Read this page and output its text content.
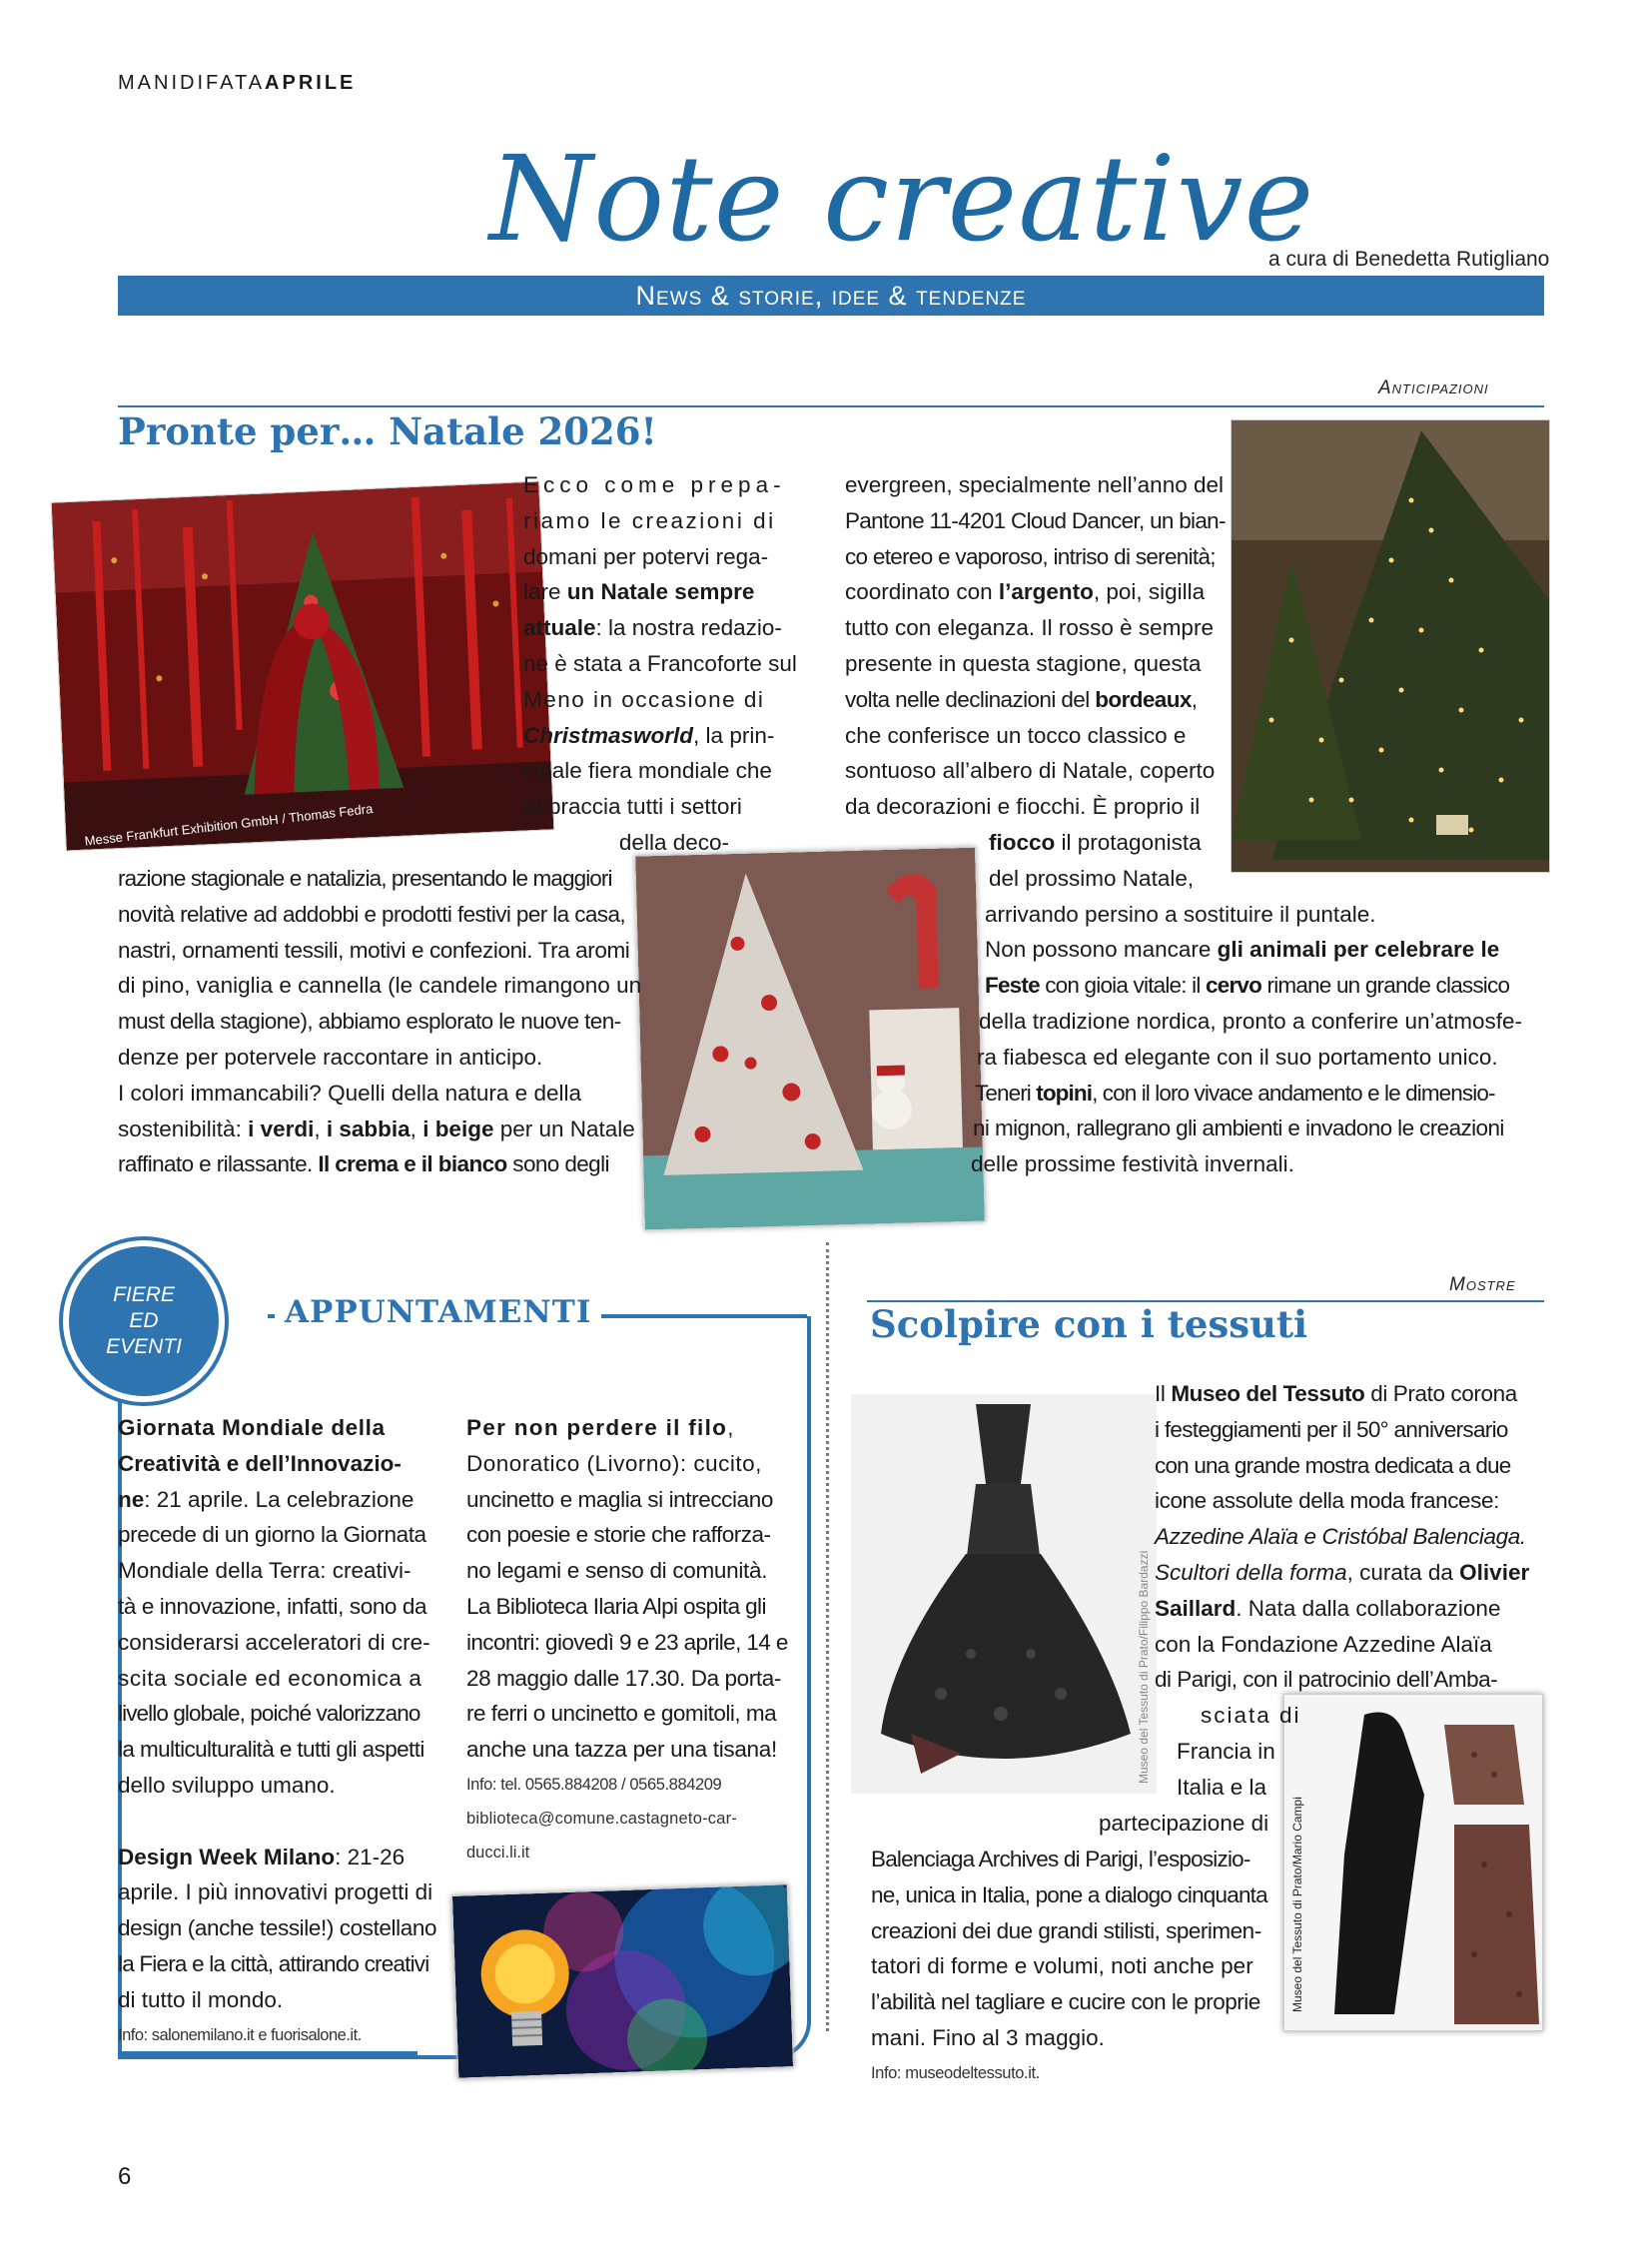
MANIDIFATAAPRILE
Note creative
a cura di Benedetta Rutigliano
News & storie, idee & tendenze
Anticipazioni
Pronte per… Natale 2026!
Messe Frankfurt Exhibition GmbH / Thomas Fedra

Ecco come prepa-

riamo le creazioni di

domani per potervi rega-

lare un Natale sempre

attuale: la nostra redazio-

ne è stata a Francoforte sul

Meno in occasione di

Christmasworld, la prin-

cipale fiera mondiale che

abbraccia tutti i settori

della deco-

razione stagionale e natalizia, presentando le maggiori

novità relative ad addobbi e prodotti festivi per la casa,

nastri, ornamenti tessili, motivi e confezioni. Tra aromi

di pino, vaniglia e cannella (le candele rimangono un

must della stagione), abbiamo esplorato le nuove ten-

denze per potervele raccontare in anticipo.

I colori immancabili? Quelli della natura e della

sostenibilità: i verdi, i sabbia, i beige per un Natale

raffinato e rilassante. Il crema e il bianco sono degli

evergreen, specialmente nell’anno del

Pantone 11-4201 Cloud Dancer, un bian-

co etereo e vaporoso, intriso di serenità;

coordinato con l’argento, poi, sigilla

tutto con eleganza. Il rosso è sempre

presente in questa stagione, questa

volta nelle declinazioni del bordeaux,

che conferisce un tocco classico e

sontuoso all’albero di Natale, coperto

da decorazioni e fiocchi. È proprio il

fiocco il protagonista

del prossimo Natale,

arrivando persino a sostituire il puntale.

Non possono mancare gli animali per celebrare le

Feste con gioia vitale: il cervo rimane un grande classico

della tradizione nordica, pronto a conferire un’atmosfe-

ra fiabesca ed elegante con il suo portamento unico.

Teneri topini, con il loro vivace andamento e le dimensio-

ni mignon, rallegrano gli ambienti e invadono le creazioni

delle prossime festività invernali.

FIERE
ED
EVENTI
APPUNTAMENTI

Giornata Mondiale della

Creatività e dell’Innovazio-

ne: 21 aprile. La celebrazione

precede di un giorno la Giornata

Mondiale della Terra: creativi-

tà e innovazione, infatti, sono da

considerarsi acceleratori di cre-

scita sociale ed economica a

livello globale, poiché valorizzano

la multiculturalità e tutti gli aspetti

dello sviluppo umano.

Design Week Milano: 21-26

aprile. I più innovativi progetti di

design (anche tessile!) costellano

la Fiera e la città, attirando creativi

di tutto il mondo.

Info: salonemilano.it e fuorisalone.it.

Per non perdere il filo,

Donoratico (Livorno): cucito,

uncinetto e maglia si intrecciano

con poesie e storie che rafforza-

no legami e senso di comunità.

La Biblioteca Ilaria Alpi ospita gli

incontri: giovedì 9 e 23 aprile, 14 e

28 maggio dalle 17.30. Da porta-

re ferri o uncinetto e gomitoli, ma

anche una tazza per una tisana!

Info: tel. 0565.884208 / 0565.884209

biblioteca@comune.castagneto-car-

ducci.li.it

Mostre
Scolpire con i tessuti
Museo del Tessuto di Prato/Filippo Bardazzi
Museo del Tessuto di Prato/Mario Campi

Il Museo del Tessuto di Prato corona

i festeggiamenti per il 50° anniversario

con una grande mostra dedicata a due

icone assolute della moda francese:

Azzedine Alaïa e Cristóbal Balenciaga.

Scultori della forma, curata da Olivier

Saillard. Nata dalla collaborazione

con la Fondazione Azzedine Alaïa

di Parigi, con il patrocinio dell’Amba-

sciata di

Francia in

Italia e la

partecipazione di

Balenciaga Archives di Parigi, l’esposizio-

ne, unica in Italia, pone a dialogo cinquanta

creazioni dei due grandi stilisti, sperimen-

tatori di forme e volumi, noti anche per

l’abilità nel tagliare e cucire con le proprie

mani. Fino al 3 maggio.

Info: museodeltessuto.it.

6
